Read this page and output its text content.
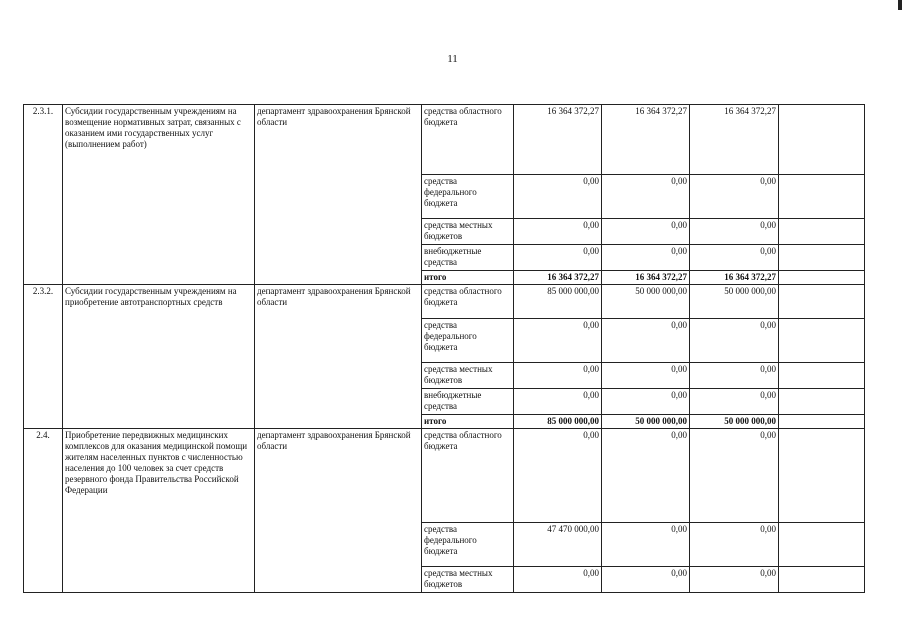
11
2.3.1.	Субсидии государственным учреждениям на возмещение нормативных затрат, связанных с оказанием ими государственных услуг (выполнением работ)	департамент здравоохранения Брянской области	средства областного бюджета	16 364 372,27	16 364 372,27	16 364 372,27	
			средства федерального бюджета	0,00	0,00	0,00	
			средства местных бюджетов	0,00	0,00	0,00	
			внебюджетные средства	0,00	0,00	0,00	
			итого	16 364 372,27	16 364 372,27	16 364 372,27	
2.3.2.	Субсидии государственным учреждениям на приобретение автотранспортных средств	департамент здравоохранения Брянской области	средства областного бюджета	85 000 000,00	50 000 000,00	50 000 000,00	
			средства федерального бюджета	0,00	0,00	0,00	
			средства местных бюджетов	0,00	0,00	0,00	
			внебюджетные средства	0,00	0,00	0,00	
			итого	85 000 000,00	50 000 000,00	50 000 000,00	
2.4.	Приобретение передвижных медицинских комплексов для оказания медицинской помощи жителям населенных пунктов с численностью населения до 100 человек за счет средств резервного фонда Правительства Российской Федерации	департамент здравоохранения Брянской области	средства областного бюджета	0,00	0,00	0,00	
			средства федерального бюджета	47 470 000,00	0,00	0,00	
			средства местных бюджетов	0,00	0,00	0,00	
